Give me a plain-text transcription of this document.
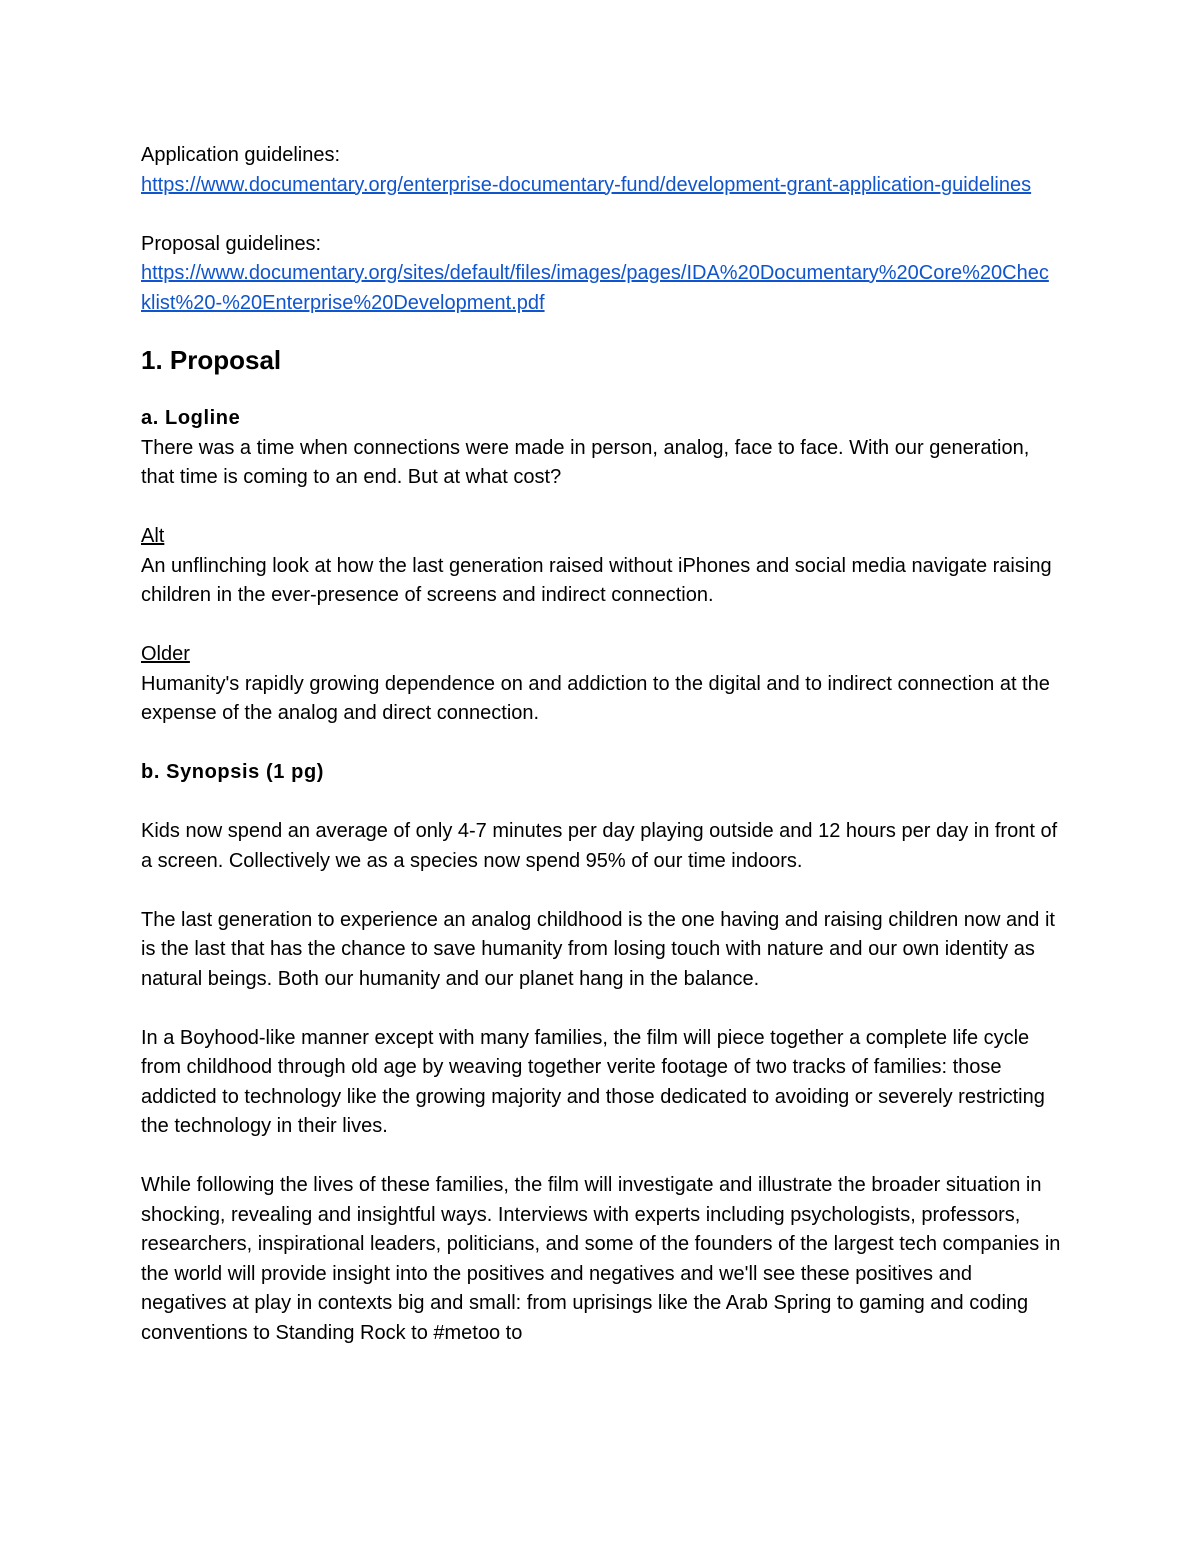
Application guidelines:

https://www.documentary.org/enterprise-documentary-fund/development-grant-application-guidelines

Proposal guidelines:

https://www.documentary.org/sites/default/files/images/pages/IDA%20Documentary%20Core%20Checklist%20-%20Enterprise%20Development.pdf
1. Proposal

a. Logline

There was a time when connections were made in person, analog, face to face. With our generation, that time is coming to an end. But at what cost?

Alt

An unflinching look at how the last generation raised without iPhones and social media navigate raising children in the ever-presence of screens and indirect connection.

Older

Humanity's rapidly growing dependence on and addiction to the digital and to indirect connection at the expense of the analog and direct connection.

b. Synopsis (1 pg)

Kids now spend an average of only 4-7 minutes per day playing outside and 12 hours per day in front of a screen. Collectively we as a species now spend 95% of our time indoors.

The last generation to experience an analog childhood is the one having and raising children now and it is the last that has the chance to save humanity from losing touch with nature and our own identity as natural beings. Both our humanity and our planet hang in the balance.

In a Boyhood-like manner except with many families, the film will piece together a complete life cycle from childhood through old age by weaving together verite footage of two tracks of families: those addicted to technology like the growing majority and those dedicated to avoiding or severely restricting the technology in their lives.

While following the lives of these families, the film will investigate and illustrate the broader situation in shocking, revealing and insightful ways. Interviews with experts including psychologists, professors, researchers, inspirational leaders, politicians, and some of the founders of the largest tech companies in the world will provide insight into the positives and negatives and we'll see these positives and negatives at play in contexts big and small: from uprisings like the Arab Spring to gaming and coding conventions to Standing Rock to #metoo to
